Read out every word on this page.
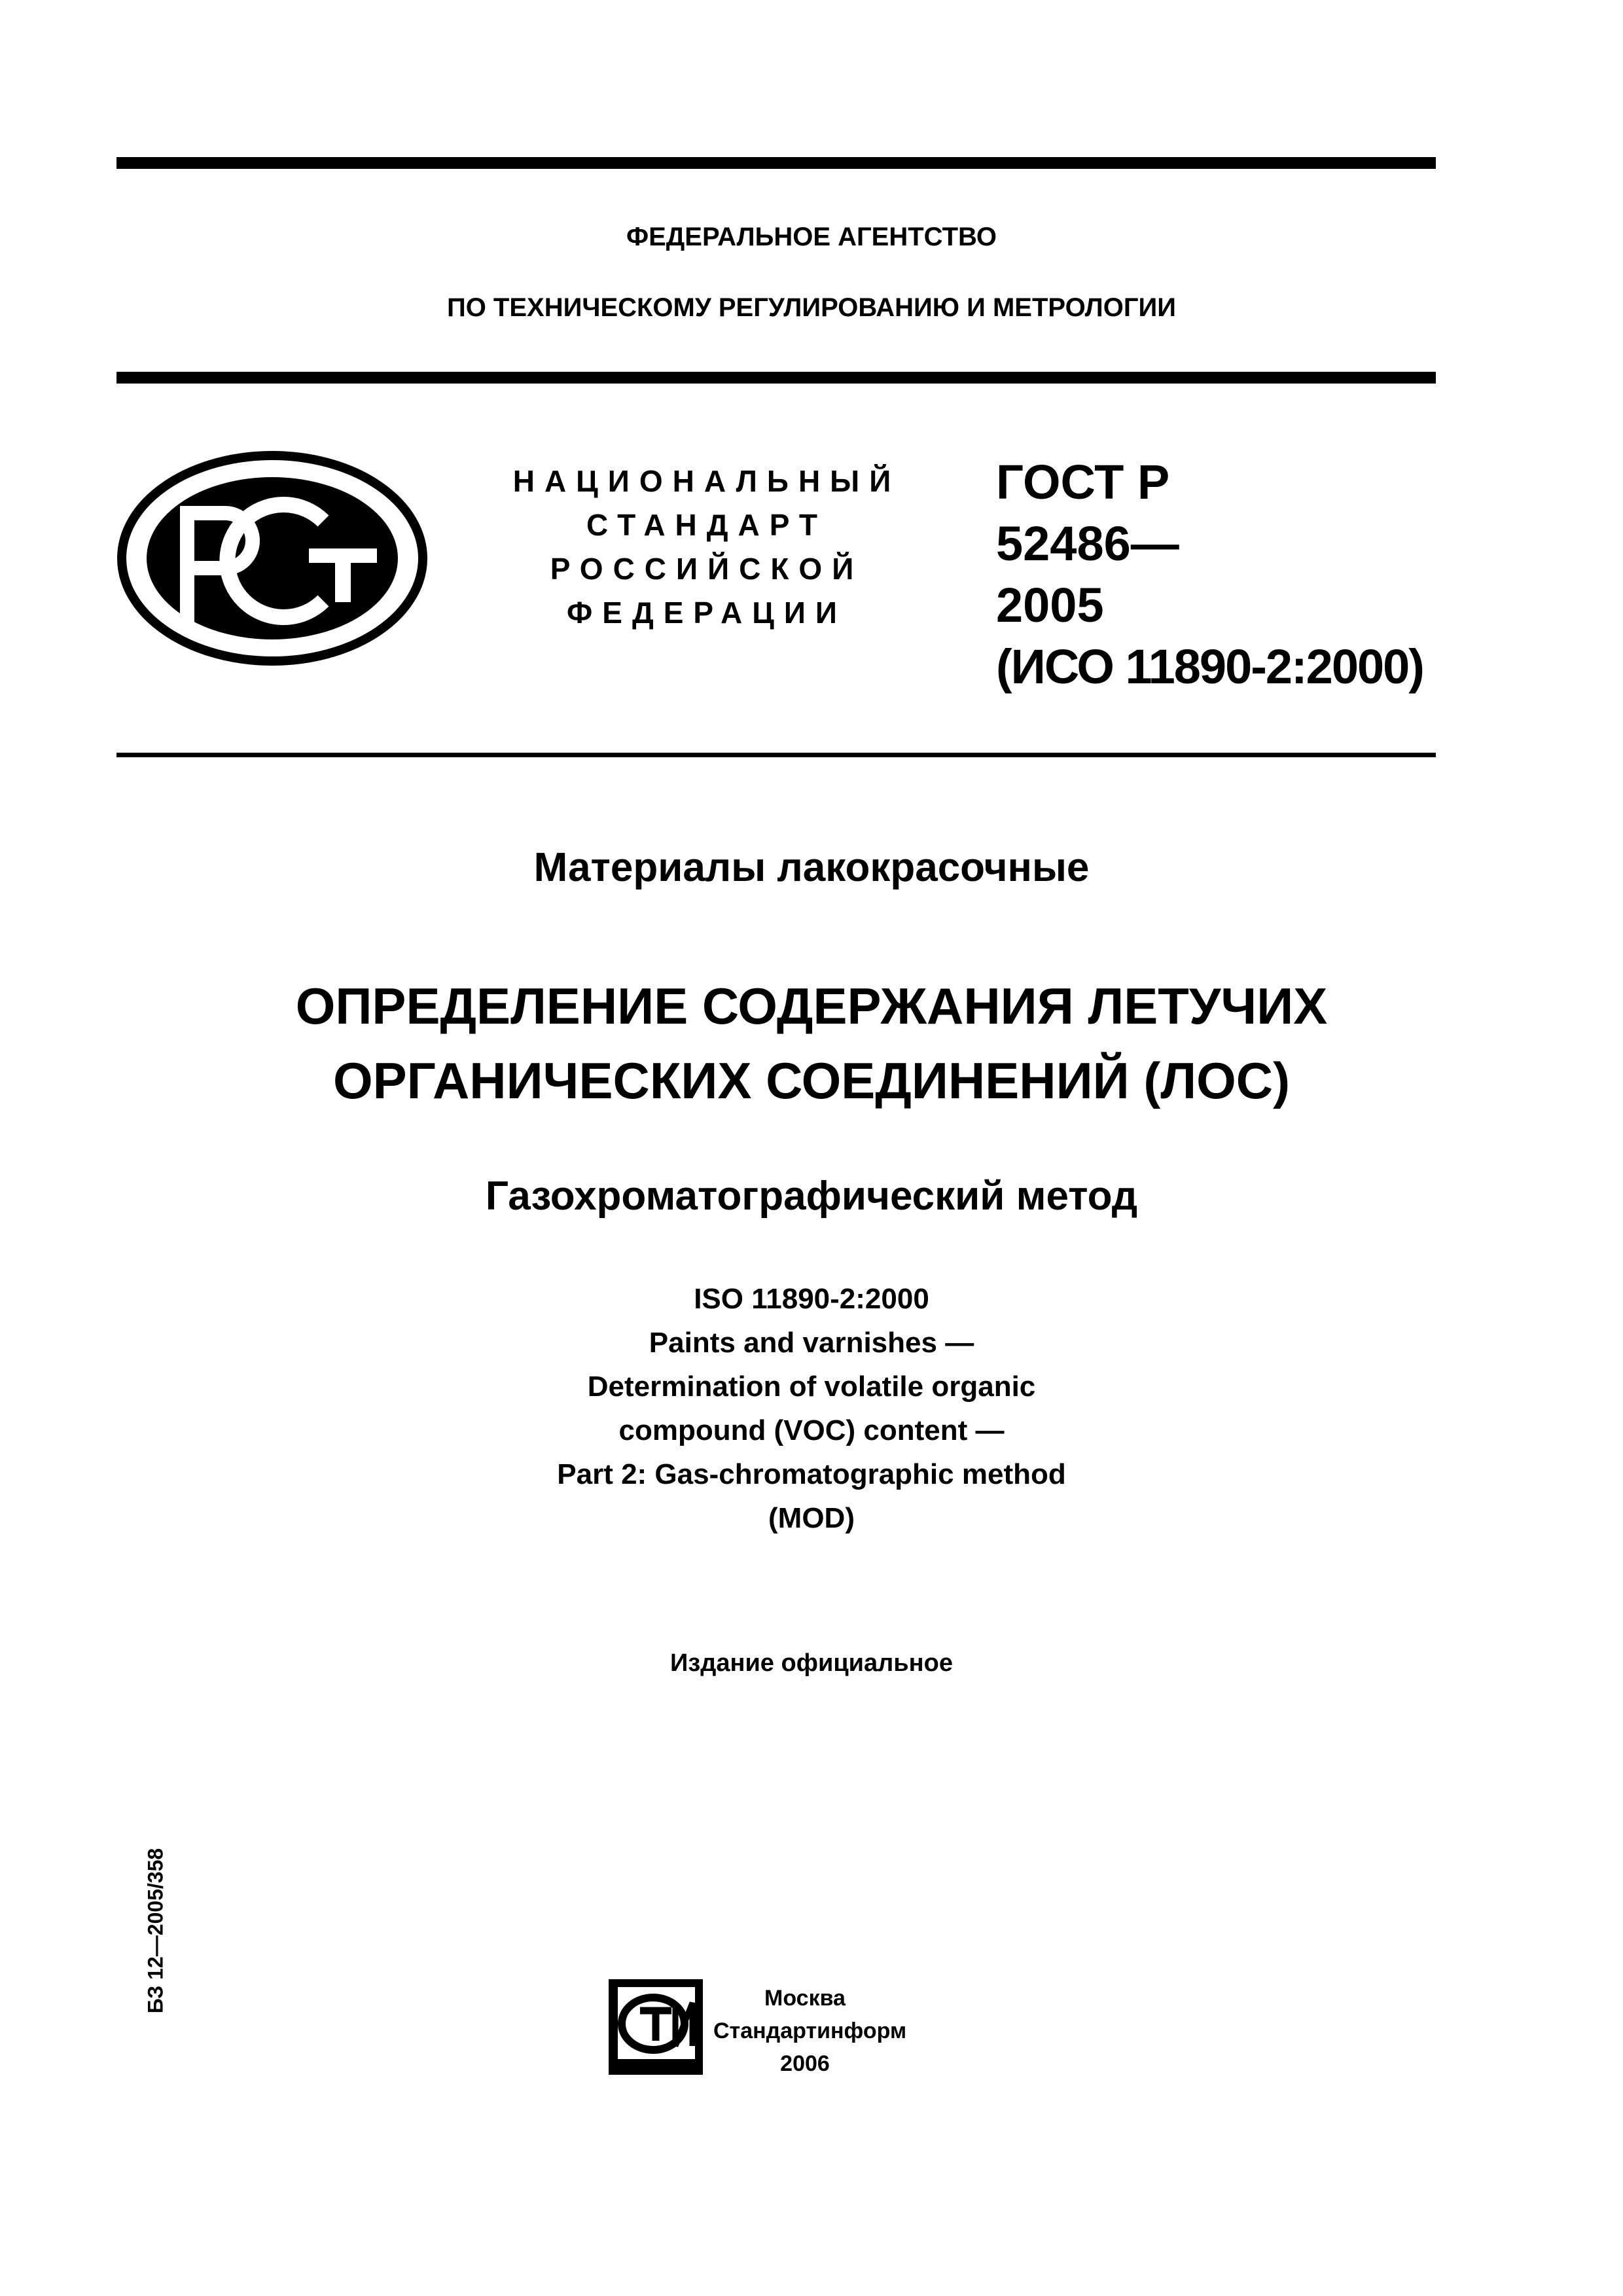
ФЕДЕРАЛЬНОЕ АГЕНТСТВО
ПО ТЕХНИЧЕСКОМУ РЕГУЛИРОВАНИЮ И МЕТРОЛОГИИ
НАЦИОНАЛЬНЫЙ
СТАНДАРТ
РОССИЙСКОЙ
ФЕДЕРАЦИИ
ГОСТ Р
52486—
2005
(ИСО 11890-2:2000)
Материалы лакокрасочные
ОПРЕДЕЛЕНИЕ СОДЕРЖАНИЯ ЛЕТУЧИХ
ОРГАНИЧЕСКИХ СОЕДИНЕНИЙ (ЛОС)
Газохроматографический метод
ISO 11890-2:2000
Paints and varnishes —
Determination of volatile organic
compound (VOC) content —
Part 2: Gas-chromatographic method
(MOD)
Издание официальное
БЗ 12—2005/358	Москва
Стандартинформ
2006
